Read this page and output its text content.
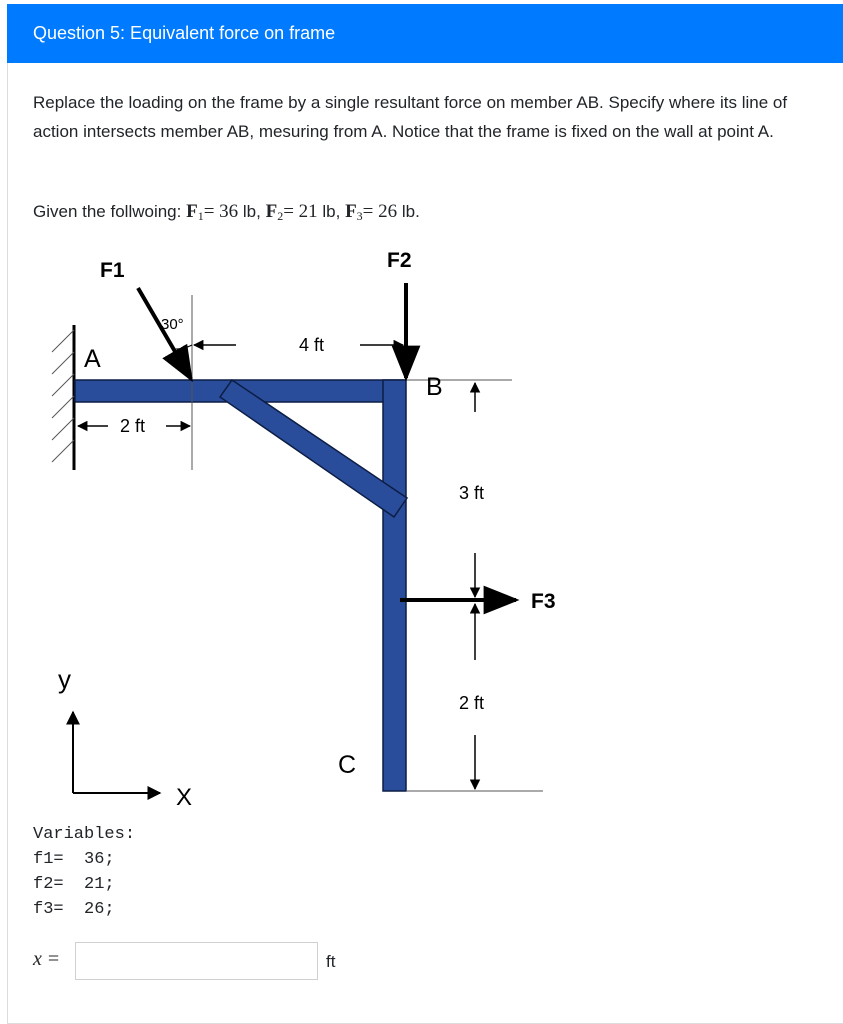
Question 5: Equivalent force on frame
Replace the loading on the frame by a single resultant force on member AB. Specify where its line of action intersects member AB, mesuring from A. Notice that the frame is fixed on the wall at point A.
Given the follwoing: $F_1= 36$ lb, $F_2= 21$ lb, $F_3= 26$ lb.
30°
F1	F2
F3
A
B
C
2 ft
4 ft
3 ft
2 ft
y
X
Variables:
f1=  36;
f2=  21;
f3=  26;
x =	ft
